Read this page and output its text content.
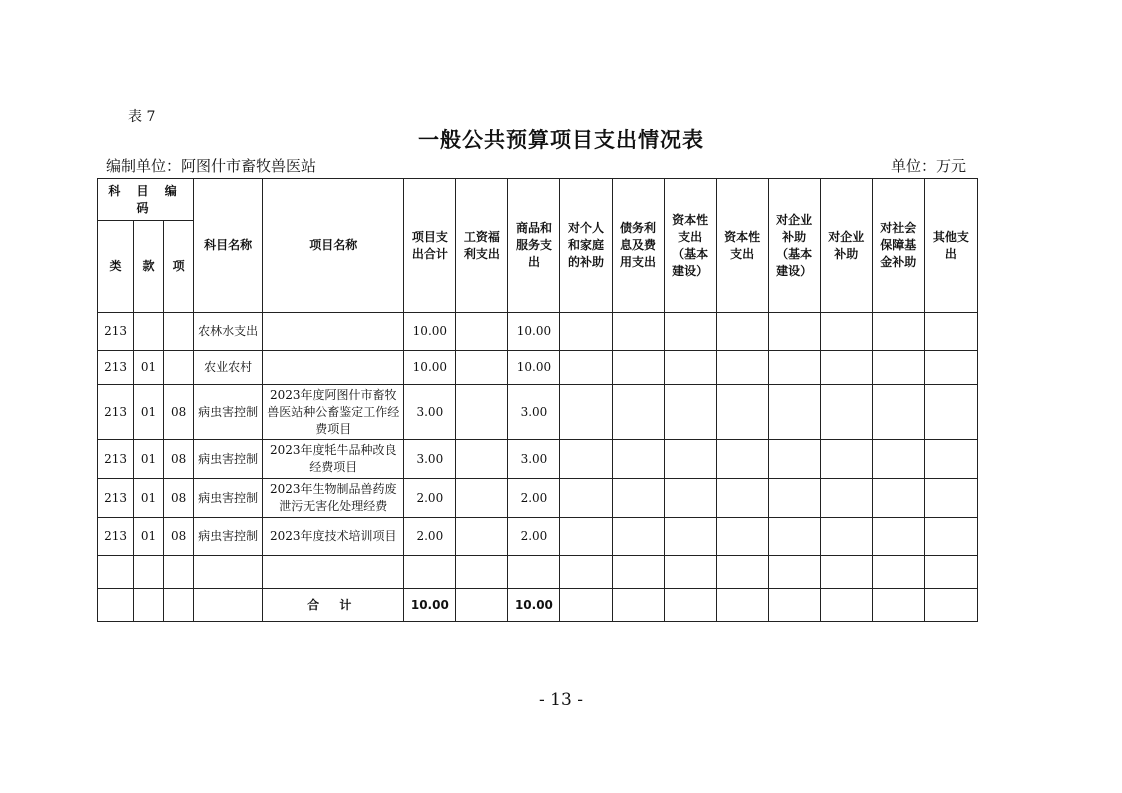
表 7
一般公共预算项目支出情况表
编制单位：阿图什市畜牧兽医站	单位：万元
科 目 编 码			科目名称	项目名称	项目支出合计	工资福利支出	商品和服务支出	对个人和家庭的补助	债务利息及费用支出	资本性支出（基本建设）	资本性支出	对企业补助（基本建设）	对企业补助	对社会保障基金补助	其他支出
类	款	项													
213			农林水支出		10.00		10.00								
213	01		农业农村		10.00		10.00								
213	01	08	病虫害控制	2023年度阿图什市畜牧兽医站种公畜鉴定工作经费项目	3.00		3.00								
213	01	08	病虫害控制	2023年度牦牛品种改良经费项目	3.00		3.00								
213	01	08	病虫害控制	2023年生物制品兽药废泄污无害化处理经费	2.00		2.00								
213	01	08	病虫害控制	2023年度技术培训项目	2.00		2.00								

				合 计	10.00		10.00								
- 13 -
